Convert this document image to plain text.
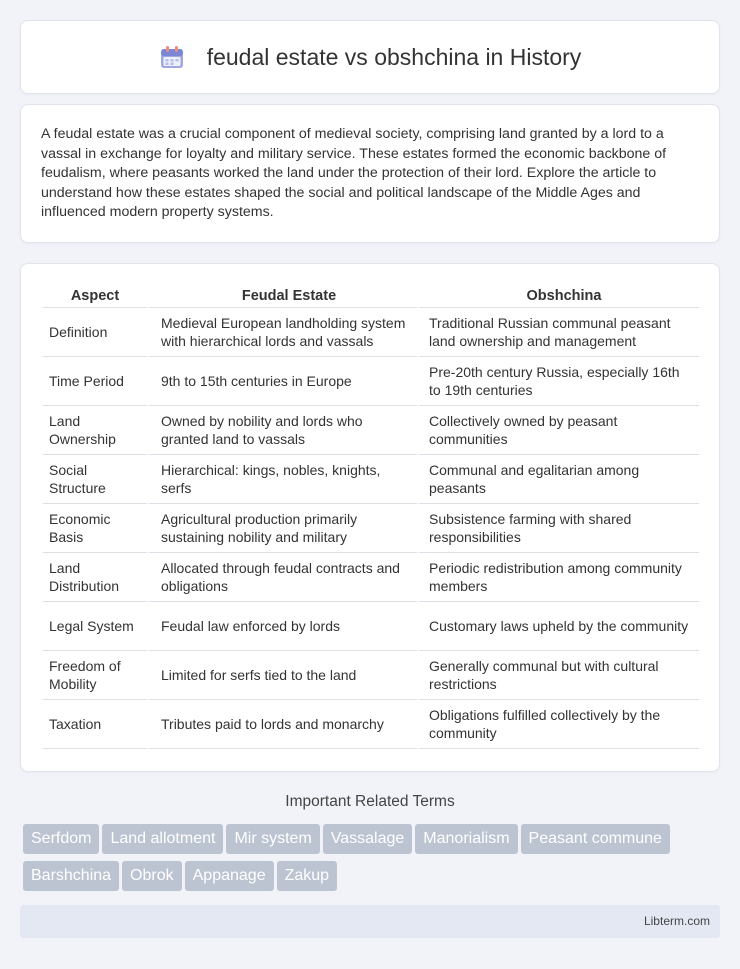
feudal estate vs obshchina in History

A feudal estate was a crucial component of medieval society, comprising land granted by a lord to a vassal in exchange for loyalty and military service. These estates formed the economic backbone of feudalism, where peasants worked the land under the protection of their lord. Explore the article to understand how these estates shaped the social and political landscape of the Middle Ages and influenced modern property systems.

Aspect	Feudal Estate	Obshchina
Definition	Medieval European landholding system with hierarchical lords and vassals	Traditional Russian communal peasant land ownership and management
Time Period	9th to 15th centuries in Europe	Pre-20th century Russia, especially 16th to 19th centuries
Land Ownership	Owned by nobility and lords who granted land to vassals	Collectively owned by peasant communities
Social Structure	Hierarchical: kings, nobles, knights, serfs	Communal and egalitarian among peasants
Economic Basis	Agricultural production primarily sustaining nobility and military	Subsistence farming with shared responsibilities
Land Distribution	Allocated through feudal contracts and obligations	Periodic redistribution among community members
Legal System	Feudal law enforced by lords	Customary laws upheld by the community
Freedom of Mobility	Limited for serfs tied to the land	Generally communal but with cultural restrictions
Taxation	Tributes paid to lords and monarchy	Obligations fulfilled collectively by the community
Important Related Terms
Serfdom	Land allotment	Mir system	Vassalage	Manorialism	Peasant commune
Barshchina	Obrok	Appanage	Zakup
Libterm.com
